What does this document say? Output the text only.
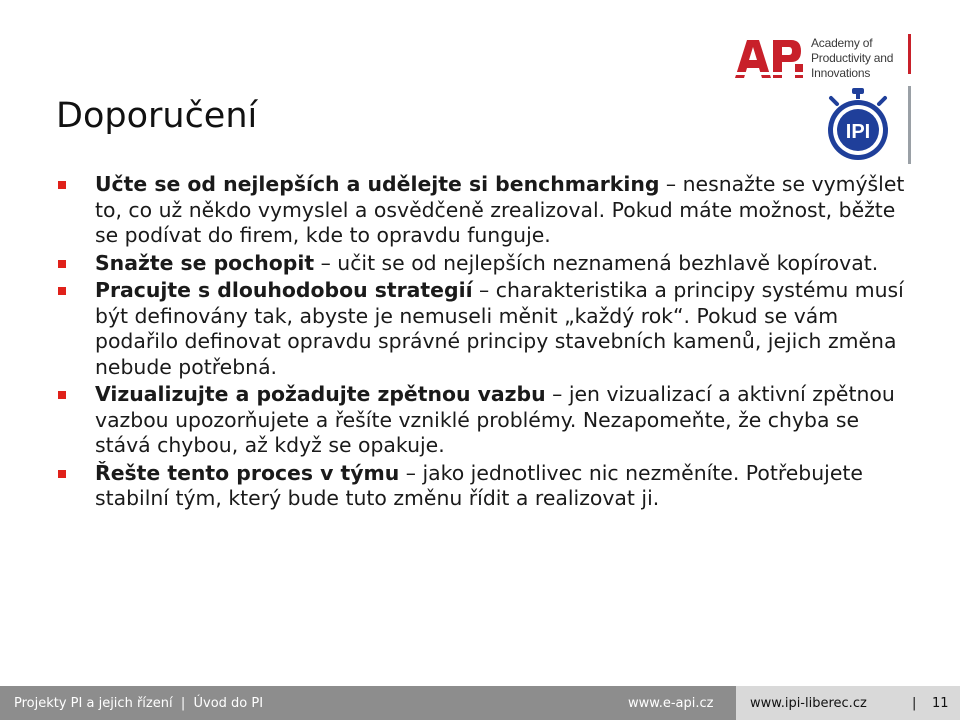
Academy of
Productivity and
Innovations
IPI
Doporučení
Učte se od nejlepších a udělejte si benchmarking – nesnažte se vymýšlet to, co už někdo vymyslel a osvědčeně zrealizoval. Pokud máte možnost, běžte se podívat do firem, kde to opravdu funguje.
Snažte se pochopit – učit se od nejlepších neznamená bezhlavě kopírovat.
Pracujte s dlouhodobou strategií – charakteristika a principy systému musí být definovány tak, abyste je nemuseli měnit „každý rok“. Pokud se vám podařilo definovat opravdu správné principy stavebních kamenů, jejich změna nebude potřebná.
Vizualizujte a požadujte zpětnou vazbu – jen vizualizací a aktivní zpětnou vazbou upozorňujete a řešíte vzniklé problémy. Nezapomeňte, že chyba se stává chybou, až když se opakuje.
Řešte tento proces v týmu – jako jednotlivec nic nezměníte. Potřebujete stabilní tým, který bude tuto změnu řídit a realizovat ji.
Projekty PI a jejich řízení  |  Úvod do PI	www.e-api.cz	www.ipi-liberec.cz	| 11
